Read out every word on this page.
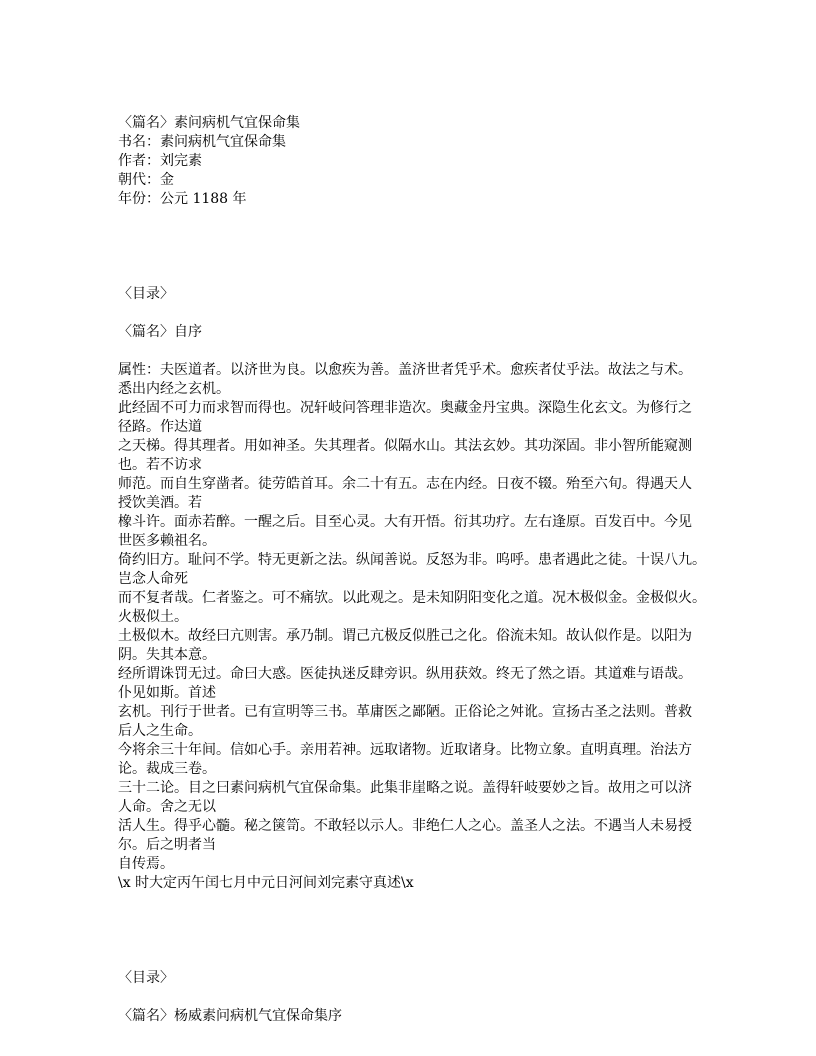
〈篇名〉素问病机气宜保命集
书名：素问病机气宜保命集
作者：刘完素
朝代：金
年份：公元 1188 年
〈目录〉
〈篇名〉自序
属性：夫医道者。以济世为良。以愈疾为善。盖济世者凭乎术。愈疾者仗乎法。故法之与术。
悉出内经之玄机。
此经固不可力而求智而得也。况轩岐问答理非造次。奥藏金丹宝典。深隐生化玄文。为修行之
径路。作达道
之天梯。得其理者。用如神圣。失其理者。似隔水山。其法玄妙。其功深固。非小智所能窥测
也。若不访求
师范。而自生穿凿者。徒劳皓首耳。余二十有五。志在内经。日夜不辍。殆至六旬。得遇天人
授饮美酒。若
橡斗许。面赤若醉。一醒之后。目至心灵。大有开悟。衍其功疗。左右逢原。百发百中。今见
世医多赖祖名。
倚约旧方。耻问不学。特无更新之法。纵闻善说。反怒为非。呜呼。患者遇此之徒。十误八九。
岂念人命死
而不复者哉。仁者鉴之。可不痛欤。以此观之。是未知阴阳变化之道。况木极似金。金极似火。
火极似土。
土极似木。故经曰亢则害。承乃制。谓己亢极反似胜己之化。俗流未知。故认似作是。以阳为
阴。失其本意。
经所谓诛罚无过。命曰大惑。医徒执迷反肆旁识。纵用获效。终无了然之语。其道难与语哉。
仆见如斯。首述
玄机。刊行于世者。已有宣明等三书。革庸医之鄙陋。正俗论之舛讹。宣扬古圣之法则。普救
后人之生命。
今将余三十年间。信如心手。亲用若神。远取诸物。近取诸身。比物立象。直明真理。治法方
论。裁成三卷。
三十二论。目之曰素问病机气宜保命集。此集非崖略之说。盖得轩岐要妙之旨。故用之可以济
人命。舍之无以
活人生。得乎心髓。秘之箧笥。不敢轻以示人。非绝仁人之心。盖圣人之法。不遇当人未易授
尔。后之明者当
自传焉。
\x 时大定丙午闰七月中元日河间刘完素守真述\x
〈目录〉
〈篇名〉杨威素问病机气宜保命集序
